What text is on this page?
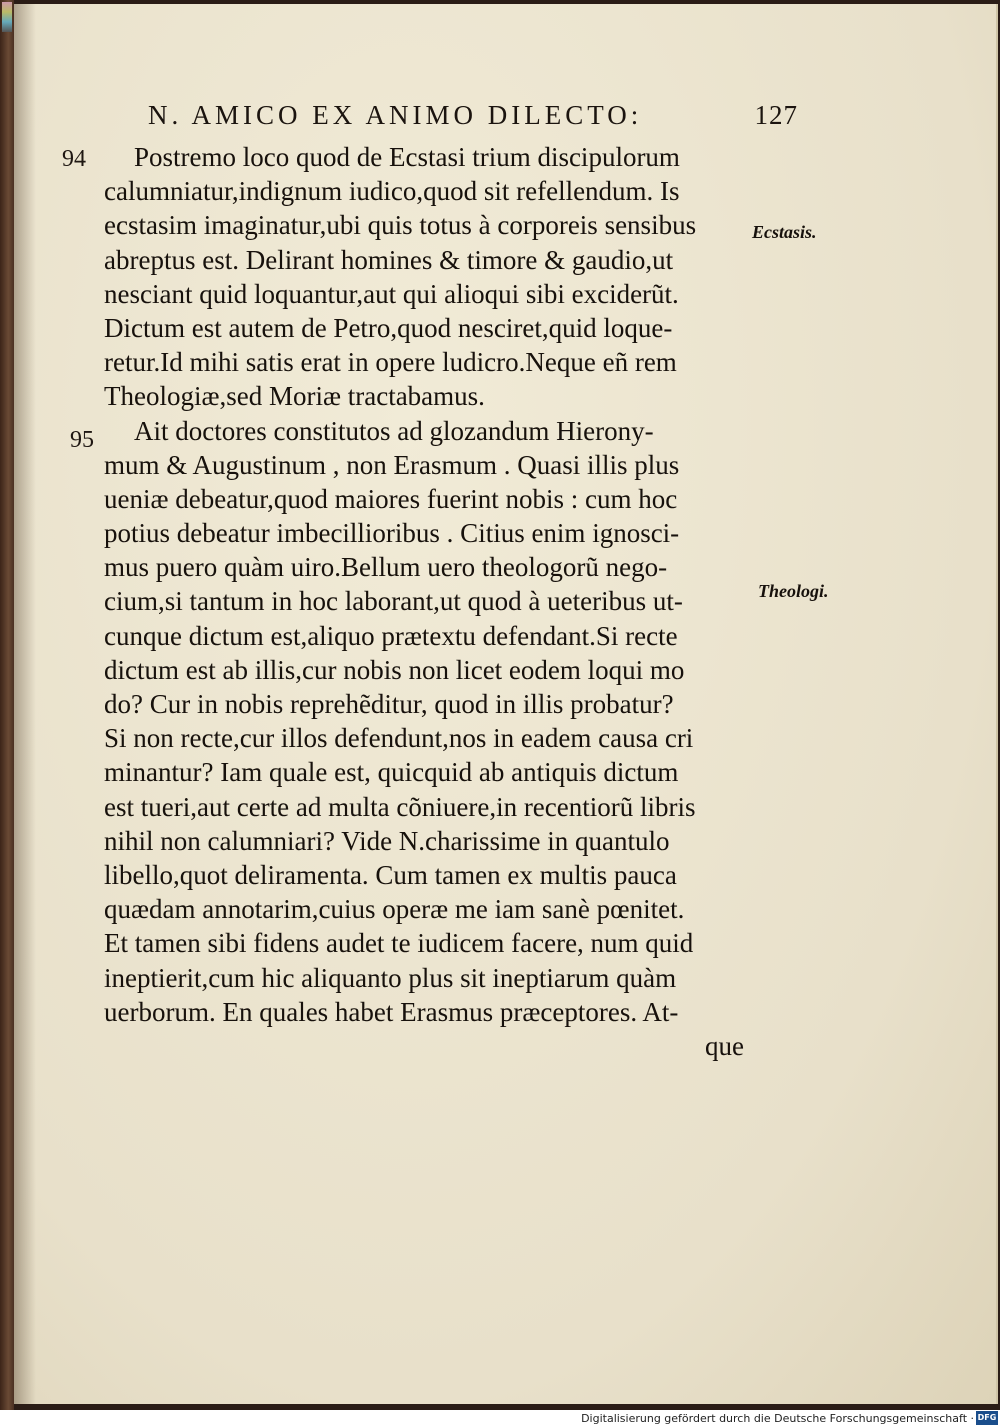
N. AMICO EX ANIMO DILECTO:	127
94
95
Ecstasis.
Theologi.
Postremo loco quod de Ecstasi trium discipulorum
calumniatur,indignum iudico,quod sit refellendum. Is
ecstasim imaginatur,ubi quis totus à corporeis sensibus
abreptus est. Delirant homines & timore & gaudio,ut
nesciant quid loquantur,aut qui alioqui sibi exciderũt.
Dictum est autem de Petro,quod nesciret,quid loque-
retur.Id mihi satis erat in opere ludicro.Neque eñ rem
Theologiæ,sed Moriæ tractabamus.
Ait doctores constitutos ad glozandum Hierony-
mum & Augustinum , non Erasmum . Quasi illis plus
ueniæ debeatur,quod maiores fuerint nobis : cum hoc
potius debeatur imbecillioribus . Citius enim ignosci-
mus puero quàm uiro.Bellum uero theologorũ nego-
cium,si tantum in hoc laborant,ut quod à ueteribus ut-
cunque dictum est,aliquo prætextu defendant.Si recte
dictum est ab illis,cur nobis non licet eodem loqui mo
do? Cur in nobis reprehẽditur, quod in illis probatur?
Si non recte,cur illos defendunt,nos in eadem causa cri
minantur? Iam quale est, quicquid ab antiquis dictum
est tueri,aut certe ad multa cõniuere,in recentiorũ libris
nihil non calumniari? Vide N.charissime in quantulo
libello,quot deliramenta. Cum tamen ex multis pauca
quædam annotarim,cuius operæ me iam sanè pœnitet.
Et tamen sibi fidens audet te iudicem facere, num quid
ineptierit,cum hic aliquanto plus sit ineptiarum quàm
uerborum. En quales habet Erasmus præceptores. At-
que
Digitalisierung gefördert durch die Deutsche Forschungsgemeinschaft · DFG
